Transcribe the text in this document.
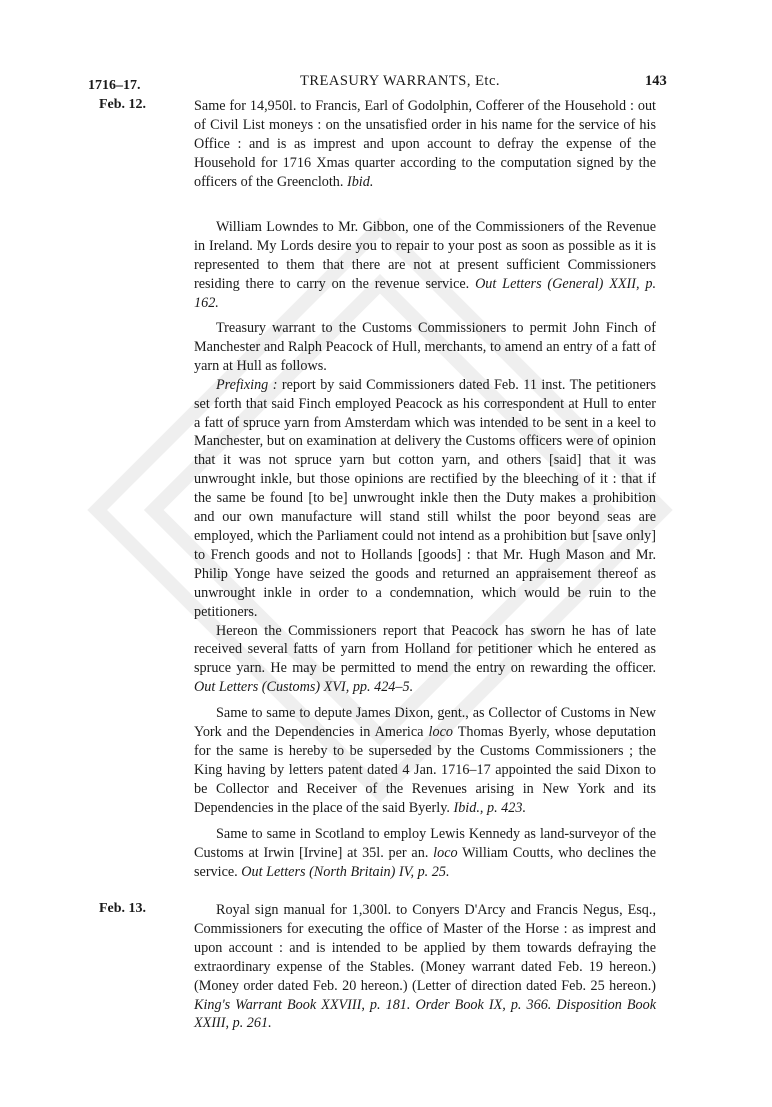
1716–17.	TREASURY WARRANTS, Etc.	143
Feb. 12.	Same for 14,950l. to Francis, Earl of Godolphin, Cofferer of the Household : out of Civil List moneys : on the unsatisfied order in his name for the service of his Office : and is as imprest and upon account to defray the expense of the Household for 1716 Xmas quarter according to the computation signed by the officers of the Greencloth. Ibid.

William Lowndes to Mr. Gibbon, one of the Commissioners of the Revenue in Ireland. My Lords desire you to repair to your post as soon as possible as it is represented to them that there are not at present sufficient Commissioners residing there to carry on the revenue service. Out Letters (General) XXII, p. 162.

Treasury warrant to the Customs Commissioners to permit John Finch of Manchester and Ralph Peacock of Hull, merchants, to amend an entry of a fatt of yarn at Hull as follows.

Prefixing : report by said Commissioners dated Feb. 11 inst. The petitioners set forth that said Finch employed Peacock as his correspondent at Hull to enter a fatt of spruce yarn from Amsterdam which was intended to be sent in a keel to Manchester, but on examination at delivery the Customs officers were of opinion that it was not spruce yarn but cotton yarn, and others [said] that it was unwrought inkle, but those opinions are rectified by the bleeching of it : that if the same be found [to be] unwrought inkle then the Duty makes a prohibition and our own manufacture will stand still whilst the poor beyond seas are employed, which the Parliament could not intend as a prohibition but [save only] to French goods and not to Hollands [goods] : that Mr. Hugh Mason and Mr. Philip Yonge have seized the goods and returned an appraisement thereof as unwrought inkle in order to a condemnation, which would be ruin to the petitioners.

Hereon the Commissioners report that Peacock has sworn he has of late received several fatts of yarn from Holland for petitioner which he entered as spruce yarn. He may be permitted to mend the entry on rewarding the officer. Out Letters (Customs) XVI, pp. 424–5.

Same to same to depute James Dixon, gent., as Collector of Customs in New York and the Dependencies in America loco Thomas Byerly, whose deputation for the same is hereby to be superseded by the Customs Commissioners ; the King having by letters patent dated 4 Jan. 1716–17 appointed the said Dixon to be Collector and Receiver of the Revenues arising in New York and its Dependencies in the place of the said Byerly. Ibid., p. 423.

Same to same in Scotland to employ Lewis Kennedy as land-surveyor of the Customs at Irwin [Irvine] at 35l. per an. loco William Coutts, who declines the service. Out Letters (North Britain) IV, p. 25.

Feb. 13.	Royal sign manual for 1,300l. to Conyers D'Arcy and Francis Negus, Esq., Commissioners for executing the office of Master of the Horse : as imprest and upon account : and is intended to be applied by them towards defraying the extraordinary expense of the Stables. (Money warrant dated Feb. 19 hereon.) (Money order dated Feb. 20 hereon.) (Letter of direction dated Feb. 25 hereon.) King's Warrant Book XXVIII, p. 181. Order Book IX, p. 366. Disposition Book XXIII, p. 261.
